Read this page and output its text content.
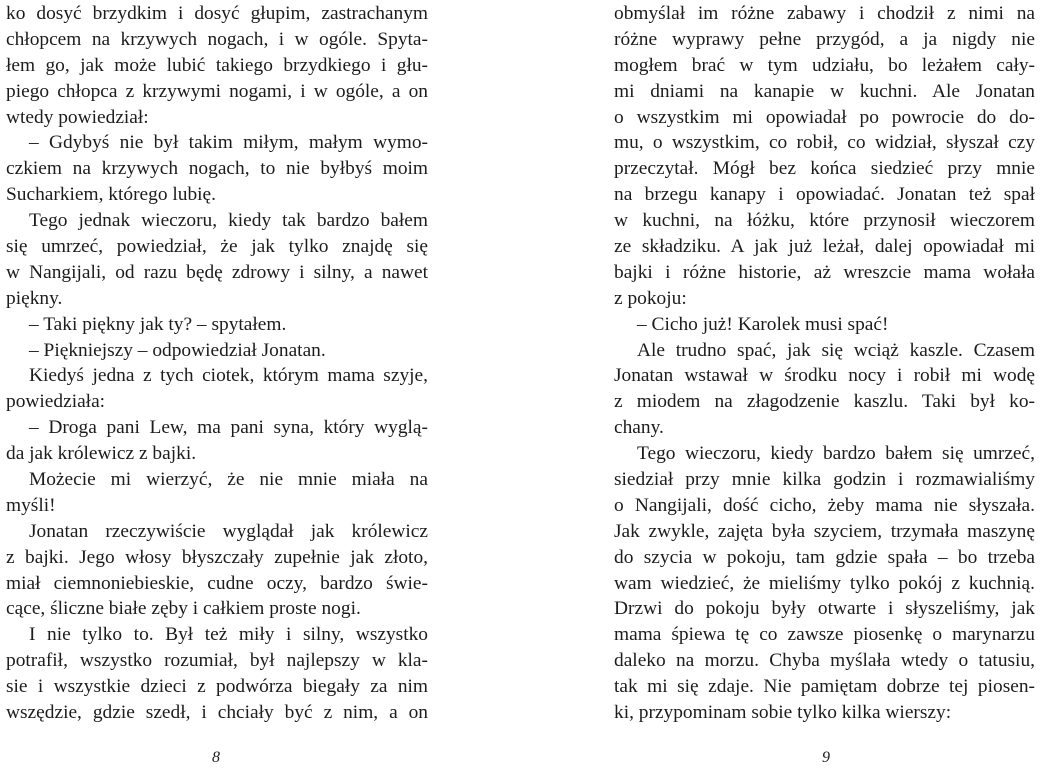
ko dosyć brzydkim i dosyć głupim, zastrachanym
chłopcem na krzywych nogach, i w ogóle. Spyta-
łem go, jak może lubić takiego brzydkiego i głu-
piego chłopca z krzywymi nogami, i w ogóle, a on
wtedy powiedział:
– Gdybyś nie był takim miłym, małym wymo-
czkiem na krzywych nogach, to nie byłbyś moim
Sucharkiem, którego lubię.
Tego jednak wieczoru, kiedy tak bardzo bałem
się umrzeć, powiedział, że jak tylko znajdę się
w Nangijali, od razu będę zdrowy i silny, a nawet
piękny.
– Taki piękny jak ty? – spytałem.
– Piękniejszy – odpowiedział Jonatan.
Kiedyś jedna z tych ciotek, którym mama szyje,
powiedziała:
– Droga pani Lew, ma pani syna, który wyglą-
da jak królewicz z bajki.
Możecie mi wierzyć, że nie mnie miała na
myśli!
Jonatan rzeczywiście wyglądał jak królewicz
z bajki. Jego włosy błyszczały zupełnie jak złoto,
miał ciemnoniebieskie, cudne oczy, bardzo świe-
cące, śliczne białe zęby i całkiem proste nogi.
I nie tylko to. Był też miły i silny, wszystko
potrafił, wszystko rozumiał, był najlepszy w kla-
sie i wszystkie dzieci z podwórza biegały za nim
wszędzie, gdzie szedł, i chciały być z nim, a on
obmyślał im różne zabawy i chodził z nimi na
różne wyprawy pełne przygód, a ja nigdy nie
mogłem brać w tym udziału, bo leżałem cały-
mi dniami na kanapie w kuchni. Ale Jonatan
o wszystkim mi opowiadał po powrocie do do-
mu, o wszystkim, co robił, co widział, słyszał czy
przeczytał. Mógł bez końca siedzieć przy mnie
na brzegu kanapy i opowiadać. Jonatan też spał
w kuchni, na łóżku, które przynosił wieczorem
ze składziku. A jak już leżał, dalej opowiadał mi
bajki i różne historie, aż wreszcie mama wołała
z pokoju:
– Cicho już! Karolek musi spać!
Ale trudno spać, jak się wciąż kaszle. Czasem
Jonatan wstawał w środku nocy i robił mi wodę
z miodem na złagodzenie kaszlu. Taki był ko-
chany.
Tego wieczoru, kiedy bardzo bałem się umrzeć,
siedział przy mnie kilka godzin i rozmawialiśmy
o Nangijali, dość cicho, żeby mama nie słyszała.
Jak zwykle, zajęta była szyciem, trzymała maszynę
do szycia w pokoju, tam gdzie spała – bo trzeba
wam wiedzieć, że mieliśmy tylko pokój z kuchnią.
Drzwi do pokoju były otwarte i słyszeliśmy, jak
mama śpiewa tę co zawsze piosenkę o marynarzu
daleko na morzu. Chyba myślała wtedy o tatusiu,
tak mi się zdaje. Nie pamiętam dobrze tej piosen-
ki, przypominam sobie tylko kilka wierszy:
8	9
